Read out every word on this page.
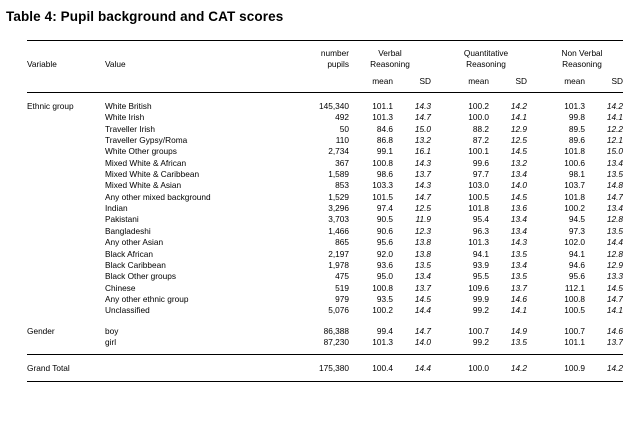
Table 4: Pupil background and CAT scores

Variable	Value	number	Verbal			Quantitative			Non Verbal	
		pupils	Reasoning			Reasoning			Reasoning	

			mean	SD		mean	SD		mean	SD

Ethnic group	White British	145,340	101.1	14.3		100.2	14.2		101.3	14.2
	White Irish	492	101.3	14.7		100.0	14.1		99.8	14.1
	Traveller Irish	50	84.6	15.0		88.2	12.9		89.5	12.2
	Traveller Gypsy/Roma	110	86.8	13.2		87.2	12.5		89.6	12.1
	White Other groups	2,734	99.1	16.1		100.1	14.5		101.8	15.0
	Mixed White & African	367	100.8	14.3		99.6	13.2		100.6	13.4
	Mixed White & Caribbean	1,589	98.6	13.7		97.7	13.4		98.1	13.5
	Mixed White & Asian	853	103.3	14.3		103.0	14.0		103.7	14.8
	Any other mixed background	1,529	101.5	14.7		100.5	14.5		101.8	14.7
	Indian	3,296	97.4	12.5		101.8	13.6		100.2	13.4
	Pakistani	3,703	90.5	11.9		95.4	13.4		94.5	12.8
	Bangladeshi	1,466	90.6	12.3		96.3	13.4		97.3	13.5
	Any other Asian	865	95.6	13.8		101.3	14.3		102.0	14.4
	Black African	2,197	92.0	13.8		94.1	13.5		94.1	12.8
	Black Caribbean	1,978	93.6	13.5		93.9	13.4		94.6	12.9
	Black Other groups	475	95.0	13.4		95.5	13.5		95.6	13.3
	Chinese	519	100.8	13.7		109.6	13.7		112.1	14.5
	Any other ethnic group	979	93.5	14.5		99.9	14.6		100.8	14.7
	Unclassified	5,076	100.2	14.4		99.2	14.1		100.5	14.1

Gender	boy	86,388	99.4	14.7		100.7	14.9		100.7	14.6
	girl	87,230	101.3	14.0		99.2	13.5		101.1	13.7

Grand Total		175,380	100.4	14.4		100.0	14.2		100.9	14.2
